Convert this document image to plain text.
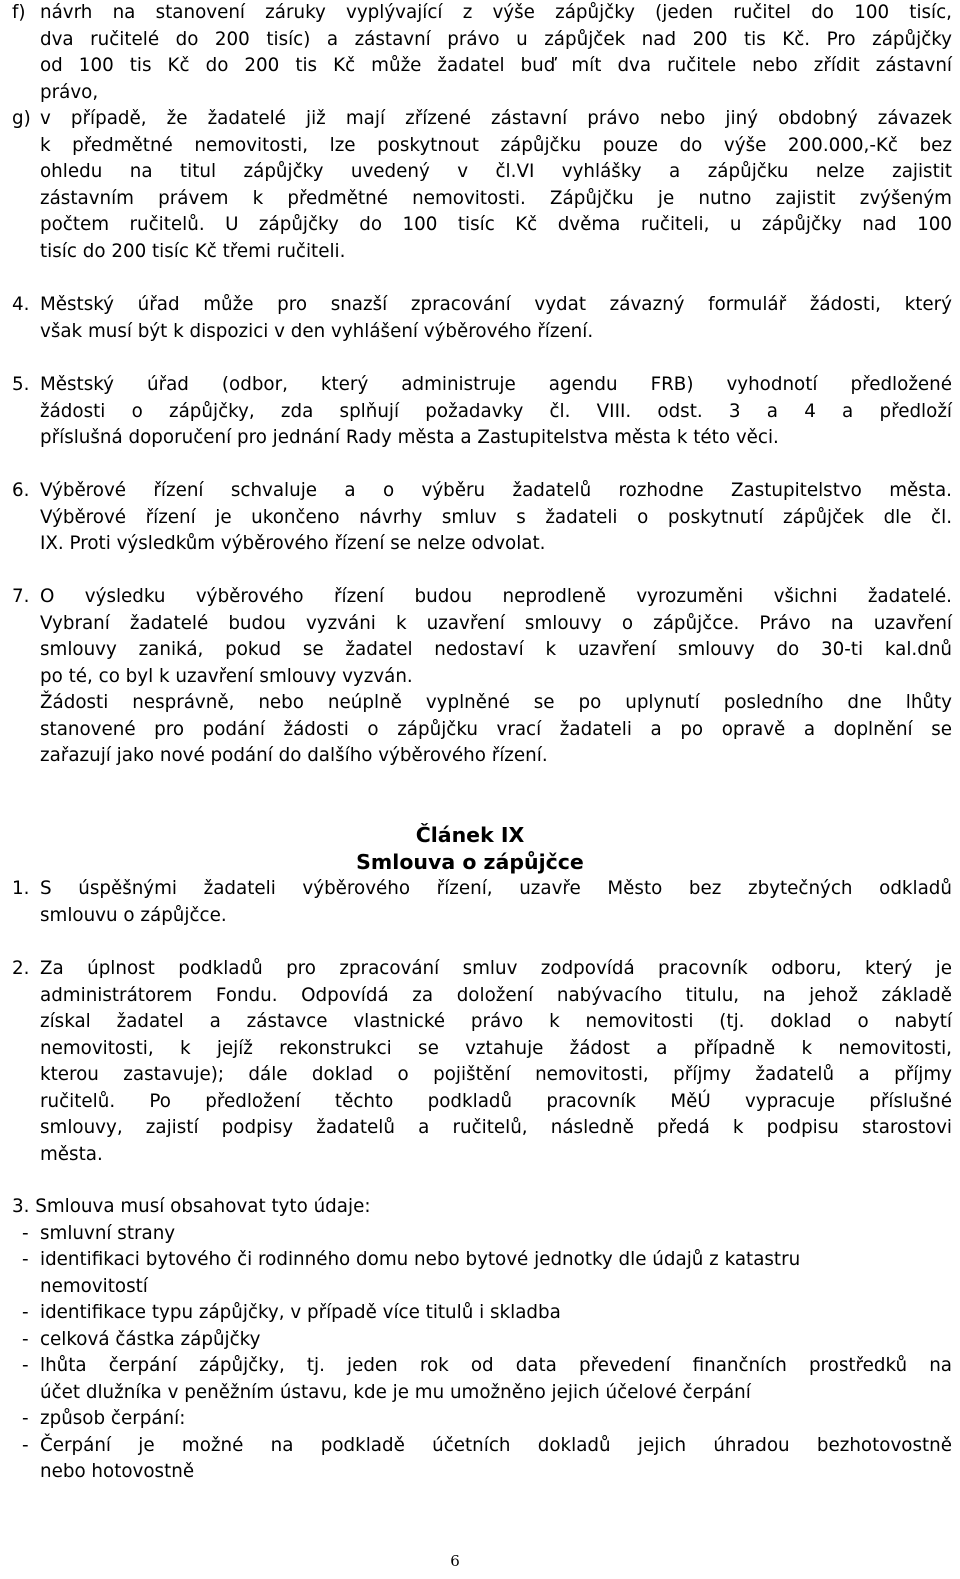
f) návrh na stanovení záruky vyplývající z výše zápůjčky (jeden ručitel do 100 tisíc,
dva ručitelé do 200 tisíc) a zástavní právo u zápůjček nad 200 tis Kč. Pro zápůjčky
od 100 tis Kč do 200 tis Kč může žadatel buď mít dva ručitele nebo zřídit zástavní
právo,
g) v případě, že žadatelé již mají zřízené zástavní právo nebo jiný obdobný závazek
k předmětné nemovitosti, lze poskytnout zápůjčku pouze do výše 200.000,-Kč bez
ohledu na titul zápůjčky uvedený v čl.VI vyhlášky a zápůjčku nelze zajistit
zástavním právem k předmětné nemovitosti. Zápůjčku je nutno zajistit zvýšeným
počtem ručitelů. U zápůjčky do 100 tisíc Kč dvěma ručiteli, u zápůjčky nad 100
tisíc do 200 tisíc Kč třemi ručiteli.
4. Městský úřad může pro snazší zpracování vydat závazný formulář žádosti, který
však musí být k dispozici v den vyhlášení výběrového řízení.
5. Městský úřad (odbor, který administruje agendu FRB) vyhodnotí předložené
žádosti o zápůjčky, zda splňují požadavky čl. VIII. odst. 3 a 4 a předloží
příslušná doporučení pro jednání Rady města a Zastupitelstva města k této věci.
6. Výběrové řízení schvaluje a o výběru žadatelů rozhodne Zastupitelstvo města.
Výběrové řízení je ukončeno návrhy smluv s žadateli o poskytnutí zápůjček dle čl.
IX. Proti výsledkům výběrového řízení se nelze odvolat.
7. O výsledku výběrového řízení budou neprodleně vyrozuměni všichni žadatelé.
Vybraní žadatelé budou vyzváni k uzavření smlouvy o zápůjčce. Právo na uzavření
smlouvy zaniká, pokud se žadatel nedostaví k uzavření smlouvy do 30-ti kal.dnů
po té, co byl k uzavření smlouvy vyzván.
Žádosti nesprávně, nebo neúplně vyplněné se po uplynutí posledního dne lhůty
stanovené pro podání žádosti o zápůjčku vrací žadateli a po opravě a doplnění se
zařazují jako nové podání do dalšího výběrového řízení.
Článek IX
Smlouva o zápůjčce
1. S úspěšnými žadateli výběrového řízení, uzavře Město bez zbytečných odkladů
smlouvu o zápůjčce.
2. Za úplnost podkladů pro zpracování smluv zodpovídá pracovník odboru, který je
administrátorem Fondu. Odpovídá za doložení nabývacího titulu, na jehož základě
získal žadatel a zástavce vlastnické právo k nemovitosti (tj. doklad o nabytí
nemovitosti, k jejíž rekonstrukci se vztahuje žádost a případně k nemovitosti,
kterou zastavuje); dále doklad o pojištění nemovitosti, příjmy žadatelů a příjmy
ručitelů. Po předložení těchto podkladů pracovník MěÚ vypracuje příslušné
smlouvy, zajistí podpisy žadatelů a ručitelů, následně předá k podpisu starostovi
města.
3. Smlouva musí obsahovat tyto údaje:
- smluvní strany
- identifikaci bytového či rodinného domu nebo bytové jednotky dle údajů z katastru
nemovitostí
- identifikace typu zápůjčky, v případě více titulů i skladba
- celková částka zápůjčky
- lhůta čerpání zápůjčky, tj. jeden rok od data převedení finančních prostředků na
účet dlužníka v peněžním ústavu, kde je mu umožněno jejich účelové čerpání
- způsob čerpání:
- Čerpání je možné na podkladě účetních dokladů jejich úhradou bezhotovostně
nebo hotovostně
6
